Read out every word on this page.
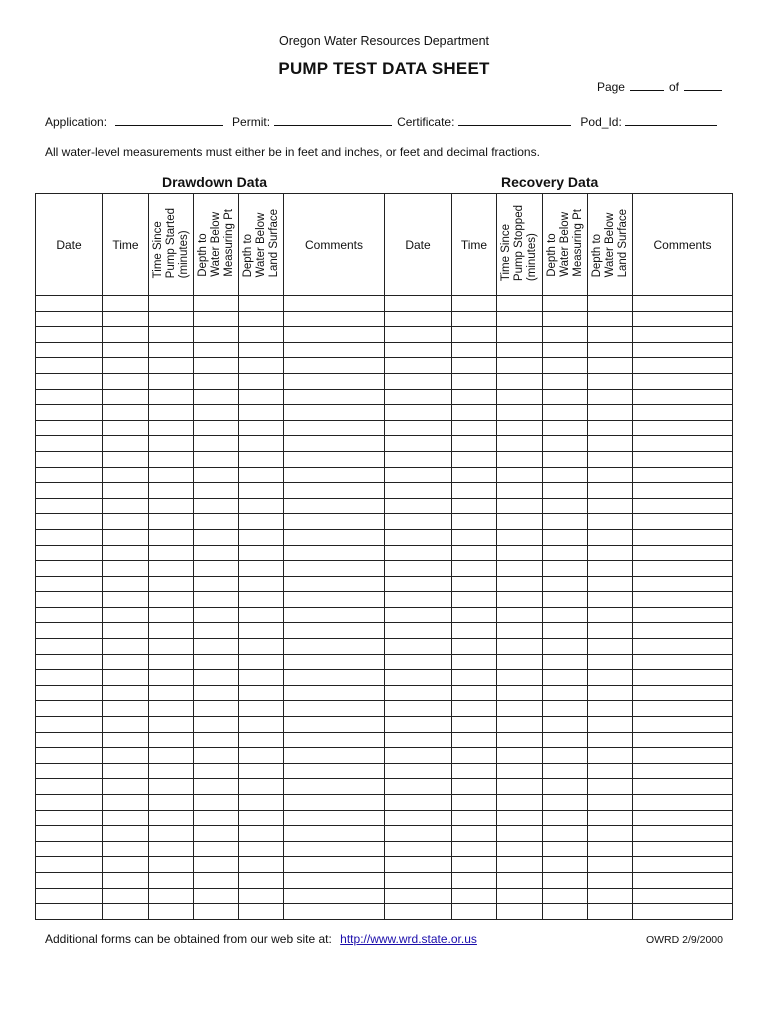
Oregon Water Resources Department
PUMP TEST DATA SHEET
Page	of
Application:	Permit:	Certificate:	Pod_Id:
All water-level measurements must either be in feet and inches, or feet and decimal fractions.
Drawdown Data	Recovery Data
Date	Time	Time Since
Pump Started
(minutes)	Depth to
Water Below
Measuring Pt	Depth to
Water Below
Land Surface	Comments	Date	Time	Time Since
Pump Stopped
(minutes)	Depth to
Water Below
Measuring Pt	Depth to
Water Below
Land Surface	Comments

Additional forms can be obtained from our web site at: http://www.wrd.state.or.us	OWRD 2/9/2000
